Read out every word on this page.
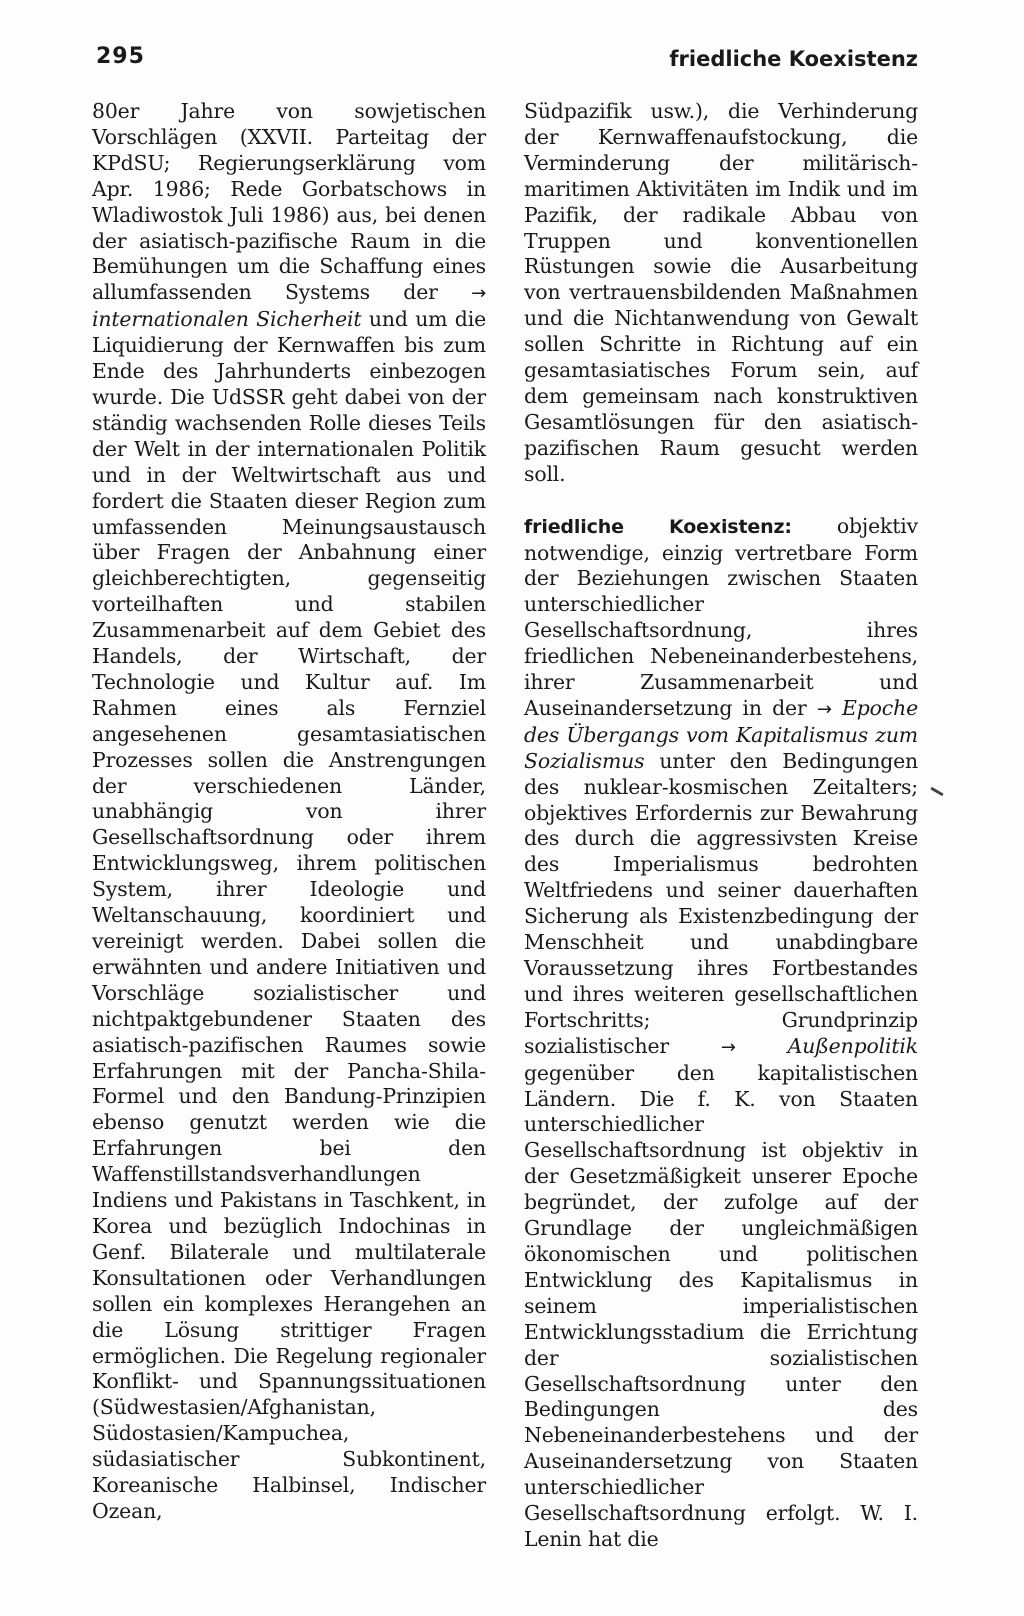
295	friedliche Koexistenz

80er Jahre von sowjetischen Vorschlägen (XXVII. Parteitag der KPdSU; Regierungserklärung vom Apr. 1986; Rede Gorbatschows in Wladiwostok Juli 1986) aus, bei denen der asiatisch-pazifische Raum in die Bemühungen um die Schaffung eines allumfassenden Systems der → internationalen Sicherheit und um die Liquidierung der Kernwaffen bis zum Ende des Jahrhunderts einbezogen wurde. Die UdSSR geht dabei von der ständig wachsenden Rolle dieses Teils der Welt in der internationalen Politik und in der Weltwirtschaft aus und fordert die Staaten dieser Region zum umfassenden Meinungsaustausch über Fragen der Anbahnung einer gleichberechtigten, gegenseitig vorteilhaften und stabilen Zusammenarbeit auf dem Gebiet des Handels, der Wirtschaft, der Technologie und Kultur auf. Im Rahmen eines als Fernziel angesehenen gesamtasiatischen Prozesses sollen die Anstrengungen der verschiedenen Länder, unabhängig von ihrer Gesellschaftsordnung oder ihrem Entwicklungsweg, ihrem politischen System, ihrer Ideologie und Weltanschauung, koordiniert und vereinigt werden. Dabei sollen die erwähnten und andere Initiativen und Vorschläge sozialistischer und nichtpaktgebundener Staaten des asiatisch-pazifischen Raumes sowie Erfahrungen mit der Pancha-Shila-Formel und den Bandung-Prinzipien ebenso genutzt werden wie die Erfahrungen bei den Waffenstillstandsverhandlungen Indiens und Pakistans in Taschkent, in Korea und bezüglich Indochinas in Genf. Bilaterale und multilaterale Konsultationen oder Verhandlungen sollen ein komplexes Herangehen an die Lösung strittiger Fragen ermöglichen. Die Regelung regionaler Konflikt- und Spannungssituationen (Südwestasien/Afghanistan, Südostasien/Kampuchea, südasiatischer Subkontinent, Koreanische Halbinsel, Indischer Ozean,

Südpazifik usw.), die Verhinderung der Kernwaffenaufstockung, die Verminderung der militärisch-maritimen Aktivitäten im Indik und im Pazifik, der radikale Abbau von Truppen und konventionellen Rüstungen sowie die Ausarbeitung von vertrauensbildenden Maßnahmen und die Nichtanwendung von Gewalt sollen Schritte in Richtung auf ein gesamtasiatisches Forum sein, auf dem gemeinsam nach konstruktiven Gesamtlösungen für den asiatisch-pazifischen Raum gesucht werden soll.

friedliche Koexistenz: objektiv notwendige, einzig vertretbare Form der Beziehungen zwischen Staaten unterschiedlicher Gesellschaftsordnung, ihres friedlichen Nebeneinanderbestehens, ihrer Zusammenarbeit und Auseinandersetzung in der → Epoche des Übergangs vom Kapitalismus zum Sozialismus unter den Bedingungen des nuklear-kosmischen Zeitalters; objektives Erfordernis zur Bewahrung des durch die aggressivsten Kreise des Imperialismus bedrohten Weltfriedens und seiner dauerhaften Sicherung als Existenzbedingung der Menschheit und unabdingbare Voraussetzung ihres Fortbestandes und ihres weiteren gesellschaftlichen Fortschritts; Grundprinzip sozialistischer	→	Außenpolitik gegenüber den kapitalistischen Ländern. Die f. K. von Staaten unterschiedlicher Gesellschaftsordnung ist objektiv in der Gesetzmäßigkeit unserer Epoche begründet, der zufolge auf der Grundlage der ungleichmäßigen ökonomischen und politischen Entwicklung des Kapitalismus in seinem imperialistischen Entwicklungsstadium die Errichtung der sozialistischen Gesellschaftsordnung unter den Bedingungen des Nebeneinanderbestehens und der Auseinandersetzung von Staaten unterschiedlicher Gesellschaftsordnung erfolgt. W. I. Lenin hat die
